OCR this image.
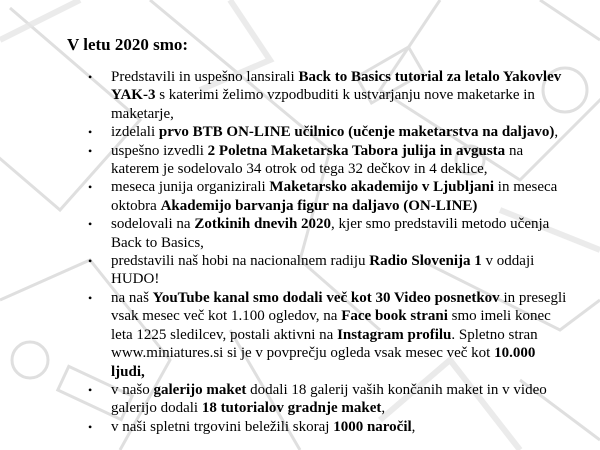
V letu 2020 smo:
• Predstavili in uspešno lansirali Back to Basics tutorial za letalo Yakovlev YAK-3 s katerimi želimo vzpodbuditi k ustvarjanju nove maketarke in maketarje,
• izdelali prvo BTB ON-LINE učilnico (učenje maketarstva na daljavo),
• uspešno izvedli 2 Poletna Maketarska Tabora julija in avgusta na katerem je sodelovalo 34 otrok od tega 32 dečkov in 4 deklice,
• meseca junija organizirali Maketarsko akademijo v Ljubljani in meseca oktobra Akademijo barvanja figur na daljavo (ON-LINE)
• sodelovali na Zotkinih dnevih 2020, kjer smo predstavili metodo učenja Back to Basics,
• predstavili naš hobi na nacionalnem radiju Radio Slovenija 1 v oddaji HUDO!
• na naš YouTube kanal smo dodali več kot 30 Video posnetkov in presegli vsak mesec več kot 1.100 ogledov, na Face book strani smo imeli konec leta 1225 sledilcev, postali aktivni na Instagram profilu. Spletno stran www.miniatures.si si je v povprečju ogleda vsak mesec več kot 10.000 ljudi,
• v našo galerijo maket dodali 18 galerij vaših končanih maket in v video galerijo dodali 18 tutorialov gradnje maket,
• v naši spletni trgovini beležili skoraj 1000 naročil,
